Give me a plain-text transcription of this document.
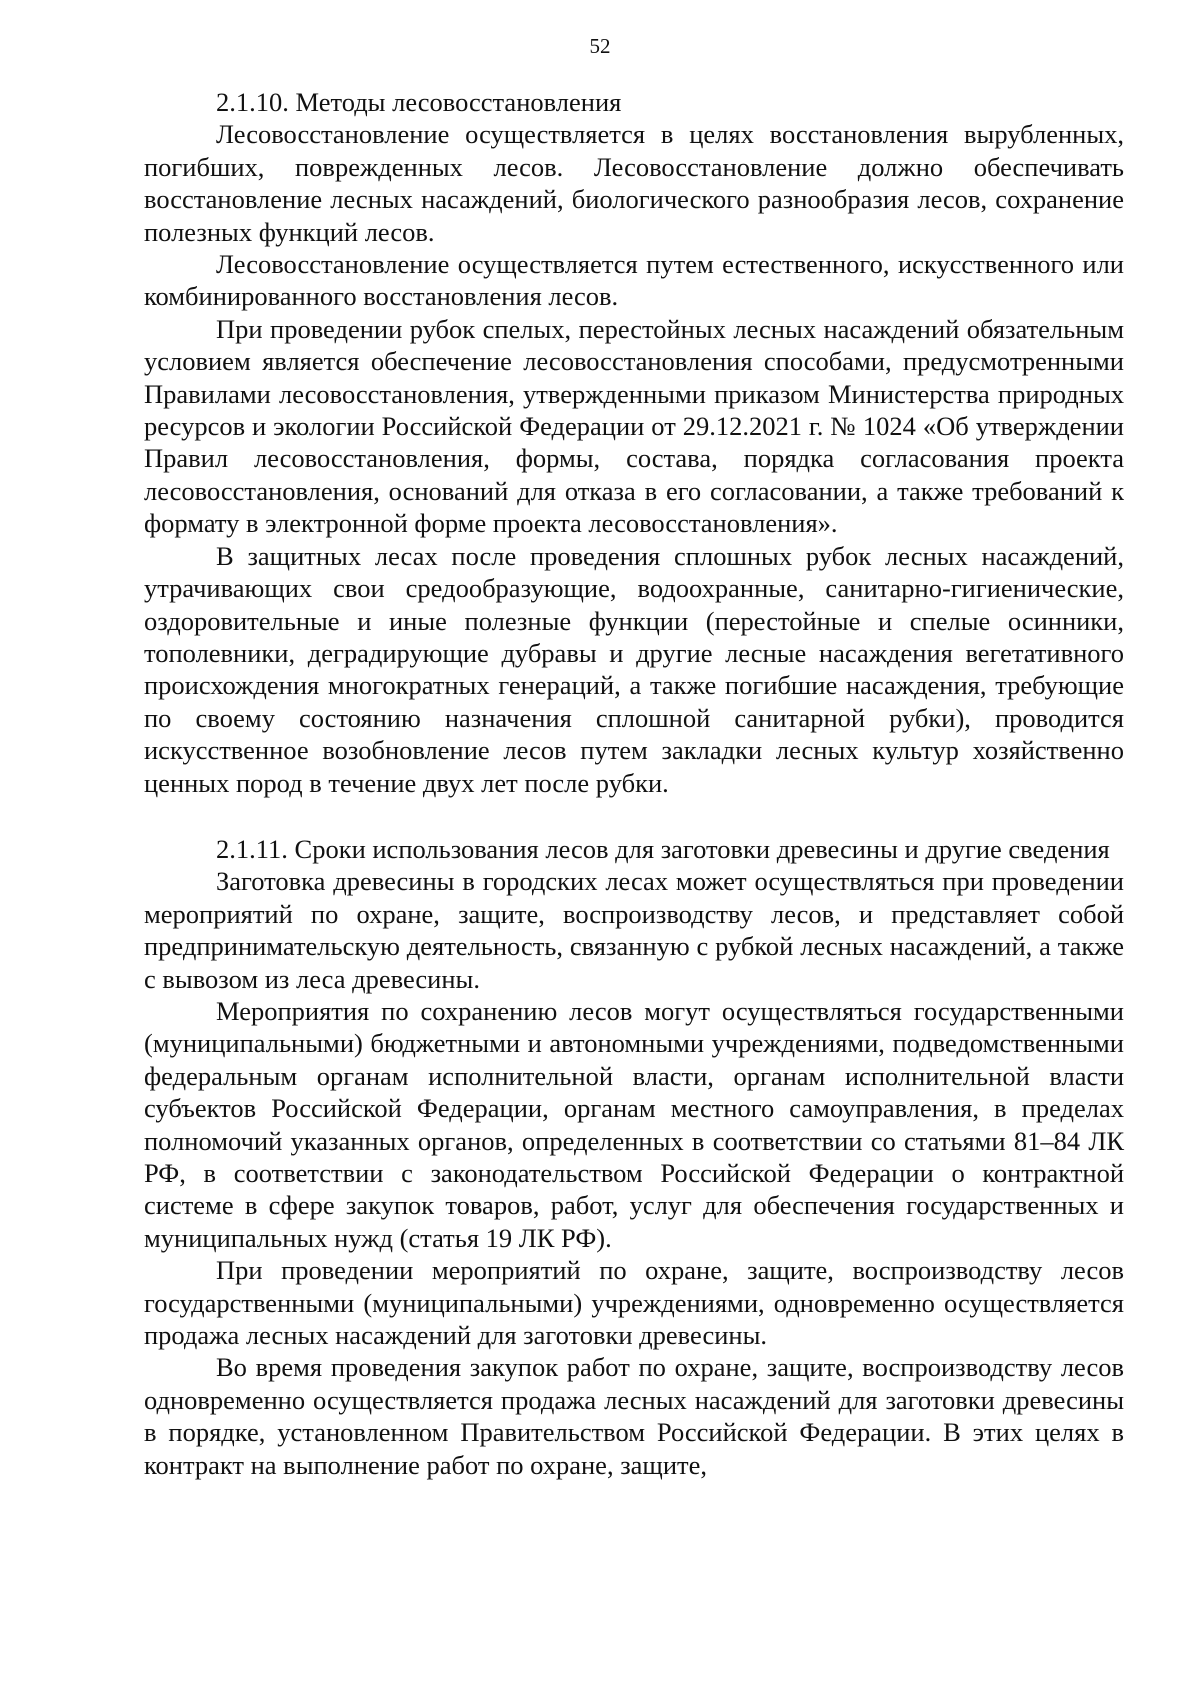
52

2.1.10. Методы лесовосстановления

Лесовосстановление осуществляется в целях восстановления вырубленных, погибших, поврежденных лесов. Лесовосстановление должно обеспечивать восстановление лесных насаждений, биологического разнообразия лесов, сохранение полезных функций лесов.

Лесовосстановление осуществляется путем естественного, искусственного или комбинированного восстановления лесов.

При проведении рубок спелых, перестойных лесных насаждений обязательным условием является обеспечение лесовосстановления способами, предусмотренными Правилами лесовосстановления, утвержденными приказом Министерства природных ресурсов и экологии Российской Федерации от 29.12.2021 г. № 1024 «Об утверждении Правил лесовосстановления, формы, состава, порядка согласования проекта лесовосстановления, оснований для отказа в его согласовании, а также требований к формату в электронной форме проекта лесовосстановления».

В защитных лесах после проведения сплошных рубок лесных насаждений, утрачивающих свои средообразующие, водоохранные, санитарно-гигиенические, оздоровительные и иные полезные функции (перестойные и спелые осинники, тополевники, деградирующие дубравы и другие лесные насаждения вегетативного происхождения многократных генераций, а также погибшие насаждения, требующие по своему состоянию назначения сплошной санитарной рубки), проводится искусственное возобновление лесов путем закладки лесных культур хозяйственно ценных пород в течение двух лет после рубки.

2.1.11. Сроки использования лесов для заготовки древесины и другие сведения

Заготовка древесины в городских лесах может осуществляться при проведении мероприятий по охране, защите, воспроизводству лесов, и представляет собой предпринимательскую деятельность, связанную с рубкой лесных насаждений, а также с вывозом из леса древесины.

Мероприятия по сохранению лесов могут осуществляться государственными (муниципальными) бюджетными и автономными учреждениями, подведомственными федеральным органам исполнительной власти, органам исполнительной власти субъектов Российской Федерации, органам местного самоуправления, в пределах полномочий указанных органов, определенных в соответствии со статьями 81–84 ЛК РФ, в соответствии с законодательством Российской Федерации о контрактной системе в сфере закупок товаров, работ, услуг для обеспечения государственных и муниципальных нужд (статья 19 ЛК РФ).

При проведении мероприятий по охране, защите, воспроизводству лесов государственными (муниципальными) учреждениями, одновременно осуществляется продажа лесных насаждений для заготовки древесины.

Во время проведения закупок работ по охране, защите, воспроизводству лесов одновременно осуществляется продажа лесных насаждений для заготовки древесины в порядке, установленном Правительством Российской Федерации. В этих целях в контракт на выполнение работ по охране, защите,
